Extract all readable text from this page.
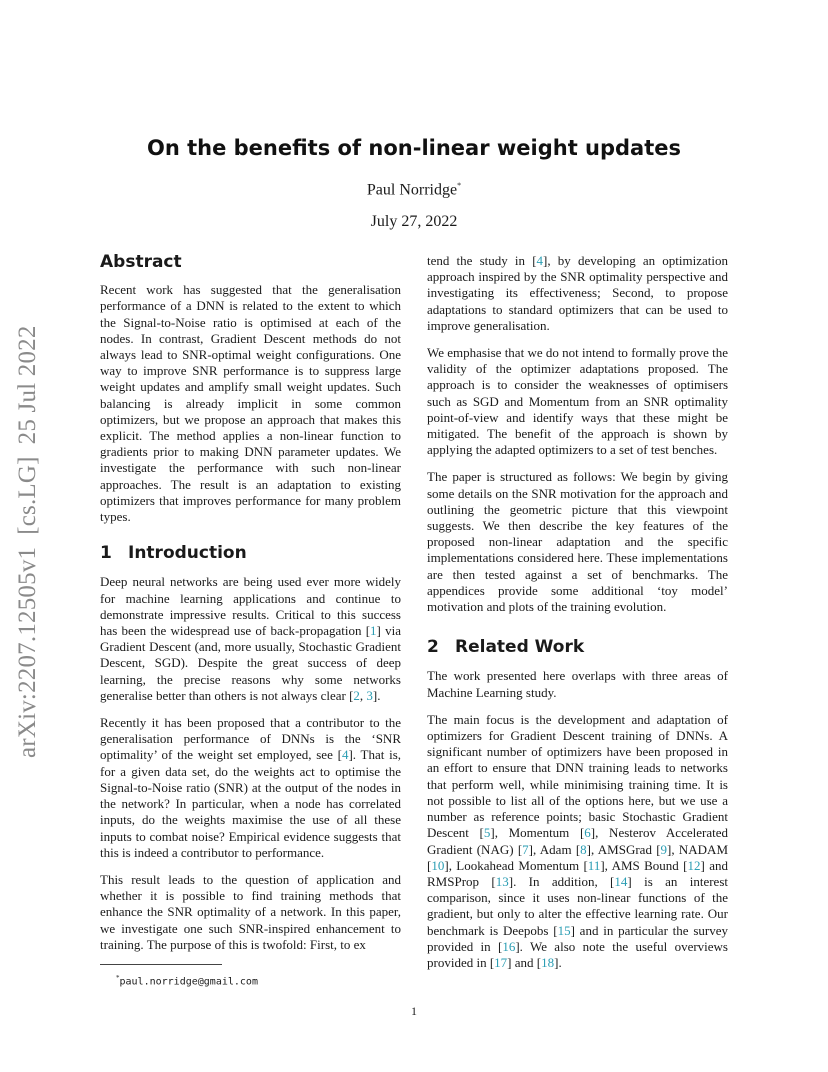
arXiv:2207.12505v1[cs.LG]25 Jul 2022
On the benefits of non-linear weight updates
Paul Norridge*
July 27, 2022
Abstract

Recent work has suggested that the generalisation performance of a DNN is related to the extent to which the Signal-to-Noise ratio is optimised at each of the nodes. In contrast, Gradient Descent methods do not always lead to SNR-optimal weight configurations. One way to improve SNR performance is to suppress large weight updates and amplify small weight updates. Such balancing is already implicit in some common optimizers, but we propose an approach that makes this explicit. The method applies a non-linear function to gradients prior to making DNN parameter updates. We investigate the performance with such non-linear approaches. The result is an adaptation to existing optimizers that improves performance for many problem types.

1 Introduction

Deep neural networks are being used ever more widely for machine learning applications and continue to demonstrate impressive results. Critical to this success has been the widespread use of back-propagation [1] via Gradient Descent (and, more usually, Stochastic Gradient Descent, SGD). Despite the great success of deep learning, the precise reasons why some networks generalise better than others is not always clear [2, 3].

Recently it has been proposed that a contributor to the generalisation performance of DNNs is the ‘SNR optimality’ of the weight set employed, see [4]. That is, for a given data set, do the weights act to optimise the Signal-to-Noise ratio (SNR) at the output of the nodes in the network? In particular, when a node has correlated inputs, do the weights maximise the use of all these inputs to combat noise? Empirical evidence suggests that this is indeed a contributor to performance.

This result leads to the question of application and whether it is possible to find training methods that enhance the SNR optimality of a network. In this paper, we investigate one such SNR-inspired enhancement to training. The purpose of this is twofold: First, to ex

*paul.norridge@gmail.com

tend the study in [4], by developing an optimization approach inspired by the SNR optimality perspective and investigating its effectiveness; Second, to propose adaptations to standard optimizers that can be used to improve generalisation.

We emphasise that we do not intend to formally prove the validity of the optimizer adaptations proposed. The approach is to consider the weaknesses of optimisers such as SGD and Momentum from an SNR optimality point-of-view and identify ways that these might be mitigated. The benefit of the approach is shown by applying the adapted optimizers to a set of test benches.

The paper is structured as follows: We begin by giving some details on the SNR motivation for the approach and outlining the geometric picture that this viewpoint suggests. We then describe the key features of the proposed non-linear adaptation and the specific implementations considered here. These implementations are then tested against a set of benchmarks. The appendices provide some additional ‘toy model’ motivation and plots of the training evolution.

2 Related Work

The work presented here overlaps with three areas of Machine Learning study.

The main focus is the development and adaptation of optimizers for Gradient Descent training of DNNs. A significant number of optimizers have been proposed in an effort to ensure that DNN training leads to networks that perform well, while minimising training time. It is not possible to list all of the options here, but we use a number as reference points; basic Stochastic Gradient Descent [5], Momentum [6], Nesterov Accelerated Gradient (NAG) [7], Adam [8], AMSGrad [9], NADAM [10], Lookahead Momentum [11], AMS Bound [12] and RMSProp [13]. In addition, [14] is an interest comparison, since it uses non-linear functions of the gradient, but only to alter the effective learning rate. Our benchmark is Deepobs [15] and in particular the survey provided in [16]. We also note the useful overviews provided in [17] and [18].

1
